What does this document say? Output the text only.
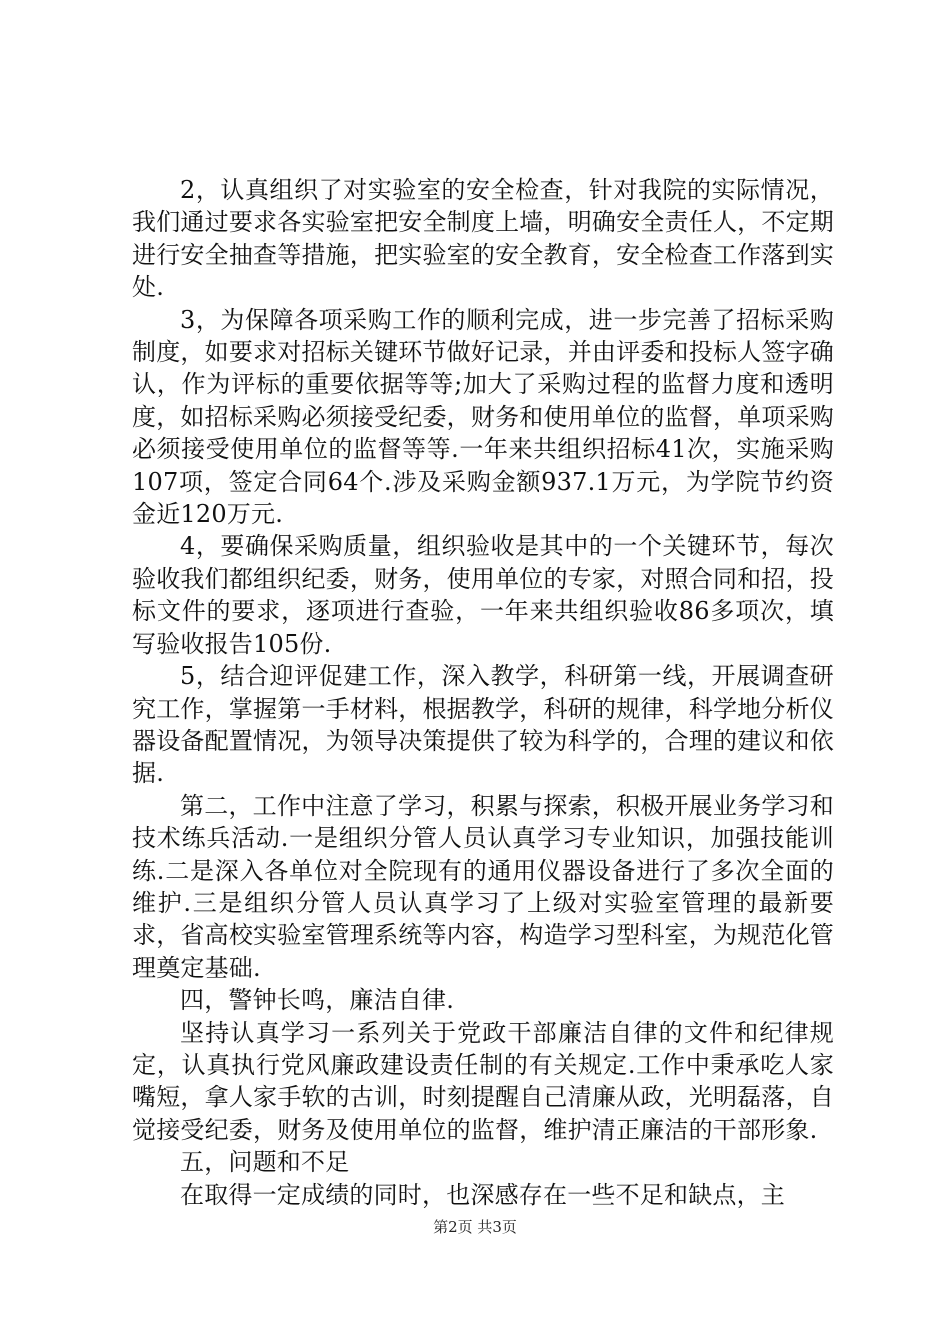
2，认真组织了对实验室的安全检查，针对我院的实际情况，我们通过要求各实验室把安全制度上墙，明确安全责任人，不定期进行安全抽查等措施，把实验室的安全教育，安全检查工作落到实处.

3，为保障各项采购工作的顺利完成，进一步完善了招标采购制度，如要求对招标关键环节做好记录，并由评委和投标人签字确认，作为评标的重要依据等等;加大了采购过程的监督力度和透明度，如招标采购必须接受纪委，财务和使用单位的监督，单项采购必须接受使用单位的监督等等.一年来共组织招标41次，实施采购107项，签定合同64个.涉及采购金额937.1万元，为学院节约资金近120万元.

4，要确保采购质量，组织验收是其中的一个关键环节，每次验收我们都组织纪委，财务，使用单位的专家，对照合同和招，投标文件的要求，逐项进行查验，一年来共组织验收86多项次，填写验收报告105份.

5，结合迎评促建工作，深入教学，科研第一线，开展调查研究工作，掌握第一手材料，根据教学，科研的规律，科学地分析仪器设备配置情况，为领导决策提供了较为科学的，合理的建议和依据.

第二，工作中注意了学习，积累与探索，积极开展业务学习和技术练兵活动.一是组织分管人员认真学习专业知识，加强技能训练.二是深入各单位对全院现有的通用仪器设备进行了多次全面的维护.三是组织分管人员认真学习了上级对实验室管理的最新要求，省高校实验室管理系统等内容，构造学习型科室，为规范化管理奠定基础.

四，警钟长鸣，廉洁自律.

坚持认真学习一系列关于党政干部廉洁自律的文件和纪律规定，认真执行党风廉政建设责任制的有关规定.工作中秉承吃人家嘴短，拿人家手软的古训，时刻提醒自己清廉从政，光明磊落，自觉接受纪委，财务及使用单位的监督，维护清正廉洁的干部形象.

五，问题和不足

在取得一定成绩的同时，也深感存在一些不足和缺点，主

第2页 共3页
